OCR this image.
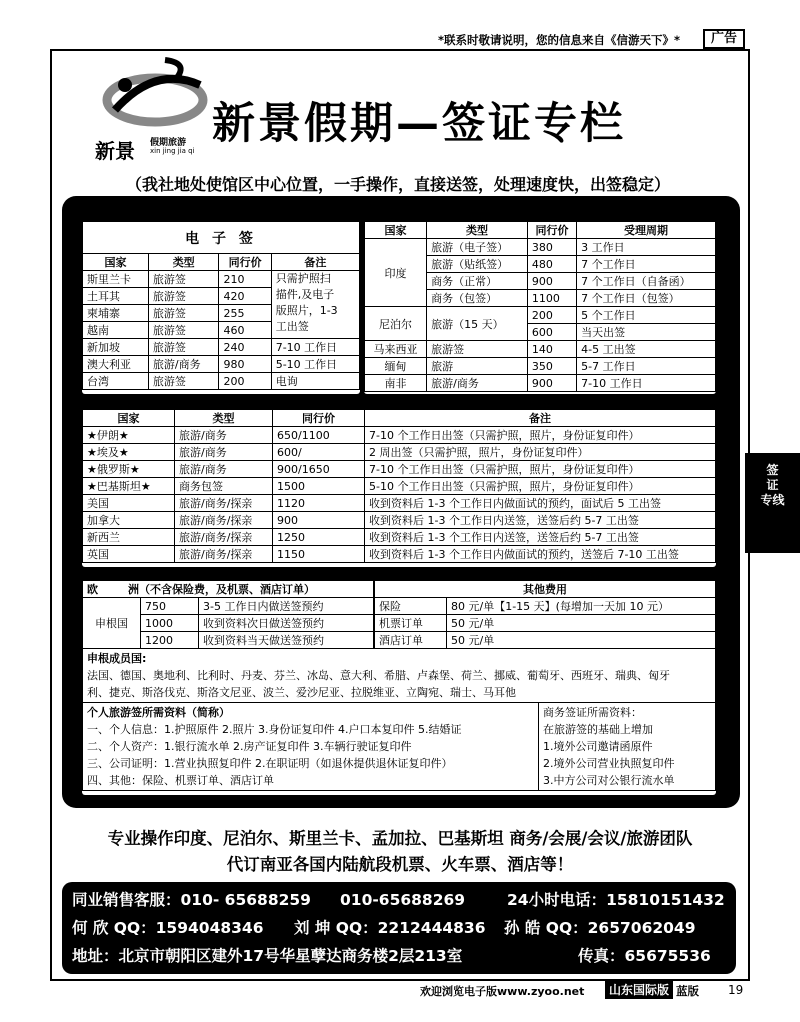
*联系时敬请说明，您的信息来自《信游天下》*	广告
新景 假期旅游
xin jing jia qi
新景假期—签证专栏
（我社地处使馆区中心位置，一手操作，直接送签，处理速度快，出签稳定）
电 子 签			
国家	类型	同行价	备注
斯里兰卡	旅游签	210	只需护照扫
描件,及电子
版照片，1-3
工出签

土耳其	旅游签	420	
柬埔寨	旅游签	255	
越南	旅游签	460	
新加坡	旅游签	240	7-10 工作日
澳大利亚	旅游/商务	980	5-10 工作日
台湾	旅游签	200	电询
国家	类型	同行价	受理周期
印度	旅游（电子签）	380	3 工作日
	旅游（贴纸签）	480	7 个工作日
	商务（正常）	900	7 个工作日（自备函）
	商务（包签）	1100	7 个工作日（包签）
尼泊尔	旅游（15 天）	200	5 个工作日
		600	当天出签
马来西亚	旅游签	140	4-5 工出签
缅甸	旅游	350	5-7 工作日
南非	旅游/商务	900	7-10 工作日
国家	类型	同行价	备注
★伊朗★	旅游/商务	650/1100	7-10 个工作日出签（只需护照，照片，身份证复印件）
★埃及★	旅游/商务	600/	2 周出签（只需护照，照片，身份证复印件）
★俄罗斯★	旅游/商务	900/1650	7-10 个工作日出签（只需护照，照片，身份证复印件）
★巴基斯坦★	商务包签	1500	5-10 个工作日出签（只需护照，照片，身份证复印件）
美国	旅游/商务/探亲	1120	收到资料后 1-3 个工作日内做面试的预约，面试后 5 工出签
加拿大	旅游/商务/探亲	900	收到资料后 1-3 个工作日内送签，送签后约 5-7 工出签
新西兰	旅游/商务/探亲	1250	收到资料后 1-3 个工作日内送签，送签后约 5-7 工出签
英国	旅游/商务/探亲	1150	收到资料后 1-3 个工作日内做面试的预约，送签后 7-10 工出签
欧 洲（不含保险费，及机票、酒店订单）		
申根国	750	3-5 工作日内做送签预约
	1000	收到资料次日做送签预约
	1200	收到资料当天做送签预约
其他费用	
保险	80 元/单【1-15 天】(每增加一天加 10 元）
机票订单	50 元/单
酒店订单	50 元/单
申根成员国:
法国、德国、奥地利、比利时、丹麦、芬兰、冰岛、意大利、希腊、卢森堡、荷兰、挪威、葡萄牙、西班牙、瑞典、匈牙
利、捷克、斯洛伐克、斯洛文尼亚、波兰、爱沙尼亚、拉脱维亚、立陶宛、瑞士、马耳他
个人旅游签所需资料（简称）
一、个人信息：1.护照原件 2.照片 3.身份证复印件 4.户口本复印件 5.结婚证
二、个人资产：1.银行流水单 2.房产证复印件 3.车辆行驶证复印件
三、公司证明：1.营业执照复印件 2.在职证明（如退休提供退休证复印件）
四、其他：保险、机票订单、酒店订单
商务签证所需资料：
在旅游签的基础上增加
1.境外公司邀请函原件
2.境外公司营业执照复印件
3.中方公司对公银行流水单
签
证
专线
专业操作印度、尼泊尔、斯里兰卡、孟加拉、巴基斯坦 商务/会展/会议/旅游团队
代订南亚各国内陆航段机票、火车票、酒店等！
同业销售客服：010- 65688259 010-65688269	24小时电话：15810151432
何 欣 QQ：1594048346 刘 坤 QQ：2212444836 孙 皓 QQ：2657062049
地址：北京市朝阳区建外17号华星孽达商务楼2层213室	传真：65675536
欢迎浏览电子版www.zyoo.net	山东国际版 蓝版 19
